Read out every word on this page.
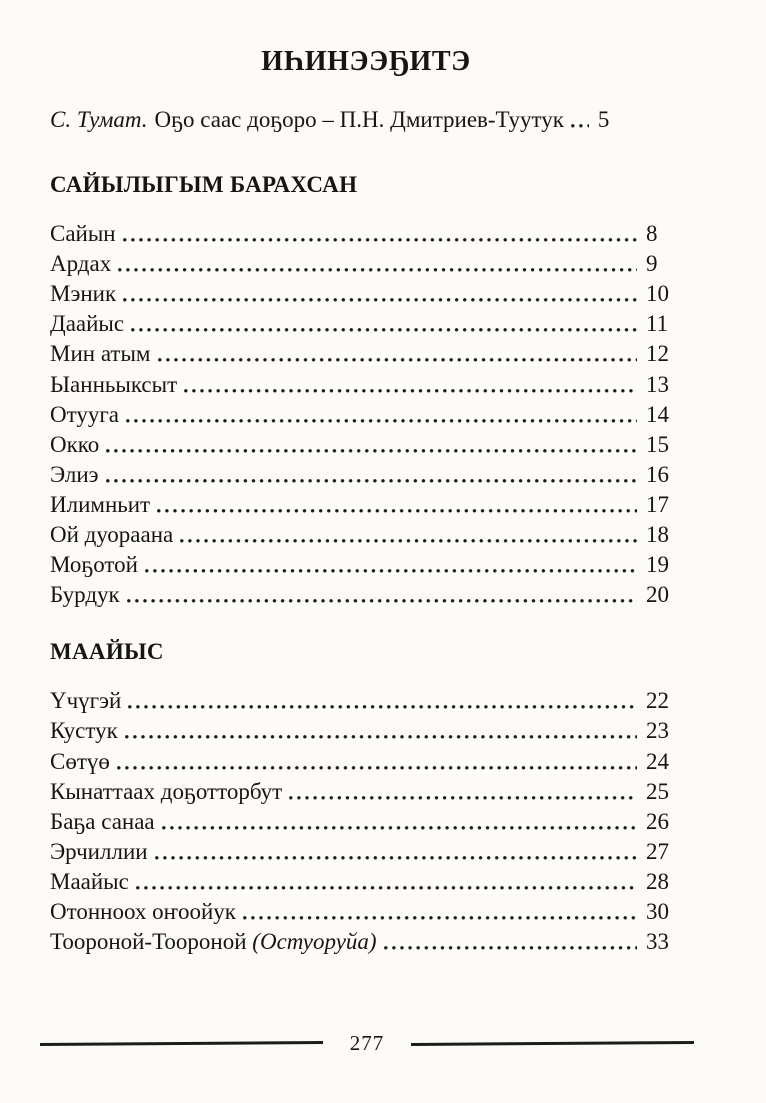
ИҺИНЭЭҔИТЭ
С. Тумат. Оҕо саас доҕоро – П.Н. Дмитриев-Туутук	5
САЙЫЛЫГЫМ БАРАХСАН
Сайын	8
Ардах	9
Мэник	10
Даайыс	11
Мин атым	12
Ыанньыксыт	13
Отууга	14
Окко	15
Элиэ	16
Илимньит	17
Ой дуораана	18
Моҕотой	19
Бурдук	20
МААЙЫС
Үчүгэй	22
Кустук	23
Сөтүө	24
Кынаттаах доҕотторбут	25
Баҕа санаа	26
Эрчиллии	27
Маайыс	28
Отонноох оҥоойук	30
Тоороной-Тоороной (Остуоруйа)	33
277
